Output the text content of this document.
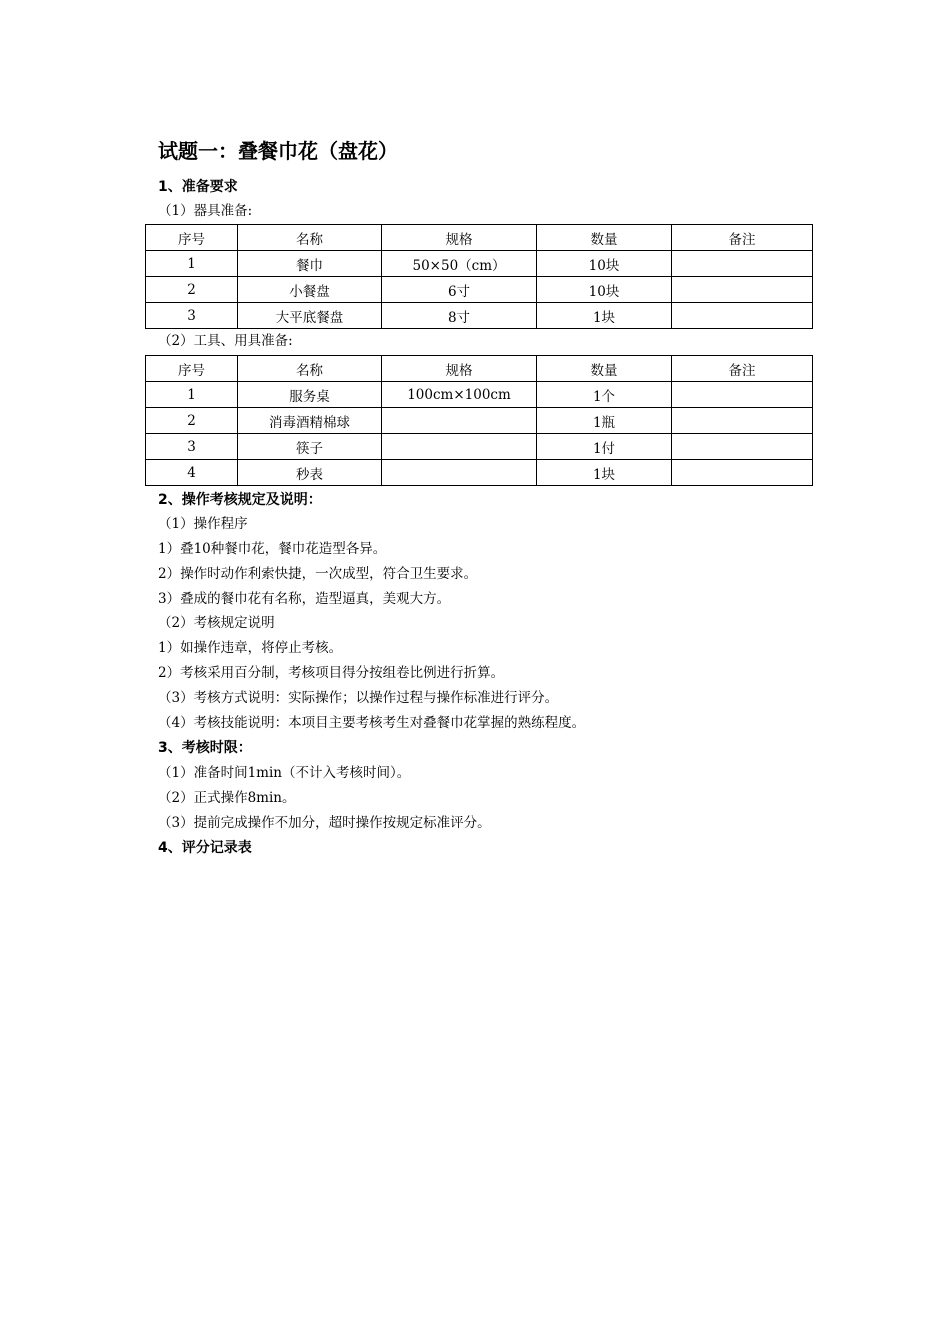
试题一：叠餐巾花（盘花）
1、准备要求
（1）器具准备:
序号	名称	规格	数量	备注
1	餐巾	50×50（cm）	10块	
2	小餐盘	6寸	10块	
3	大平底餐盘	8寸	1块	
（2）工具、用具准备:
序号	名称	规格	数量	备注
1	服务桌	100cm×100cm	1个	
2	消毒酒精棉球		1瓶	
3	筷子		1付	
4	秒表		1块	
2、操作考核规定及说明：
（1）操作程序
1）叠10种餐巾花，餐巾花造型各异。
2）操作时动作利索快捷，一次成型，符合卫生要求。
3）叠成的餐巾花有名称，造型逼真，美观大方。
（2）考核规定说明
1）如操作违章，将停止考核。
2）考核采用百分制，考核项目得分按组卷比例进行折算。
（3）考核方式说明：实际操作；以操作过程与操作标准进行评分。
（4）考核技能说明：本项目主要考核考生对叠餐巾花掌握的熟练程度。
3、考核时限：
（1）准备时间1min（不计入考核时间）。
（2）正式操作8min。
（3）提前完成操作不加分，超时操作按规定标准评分。
4、评分记录表
